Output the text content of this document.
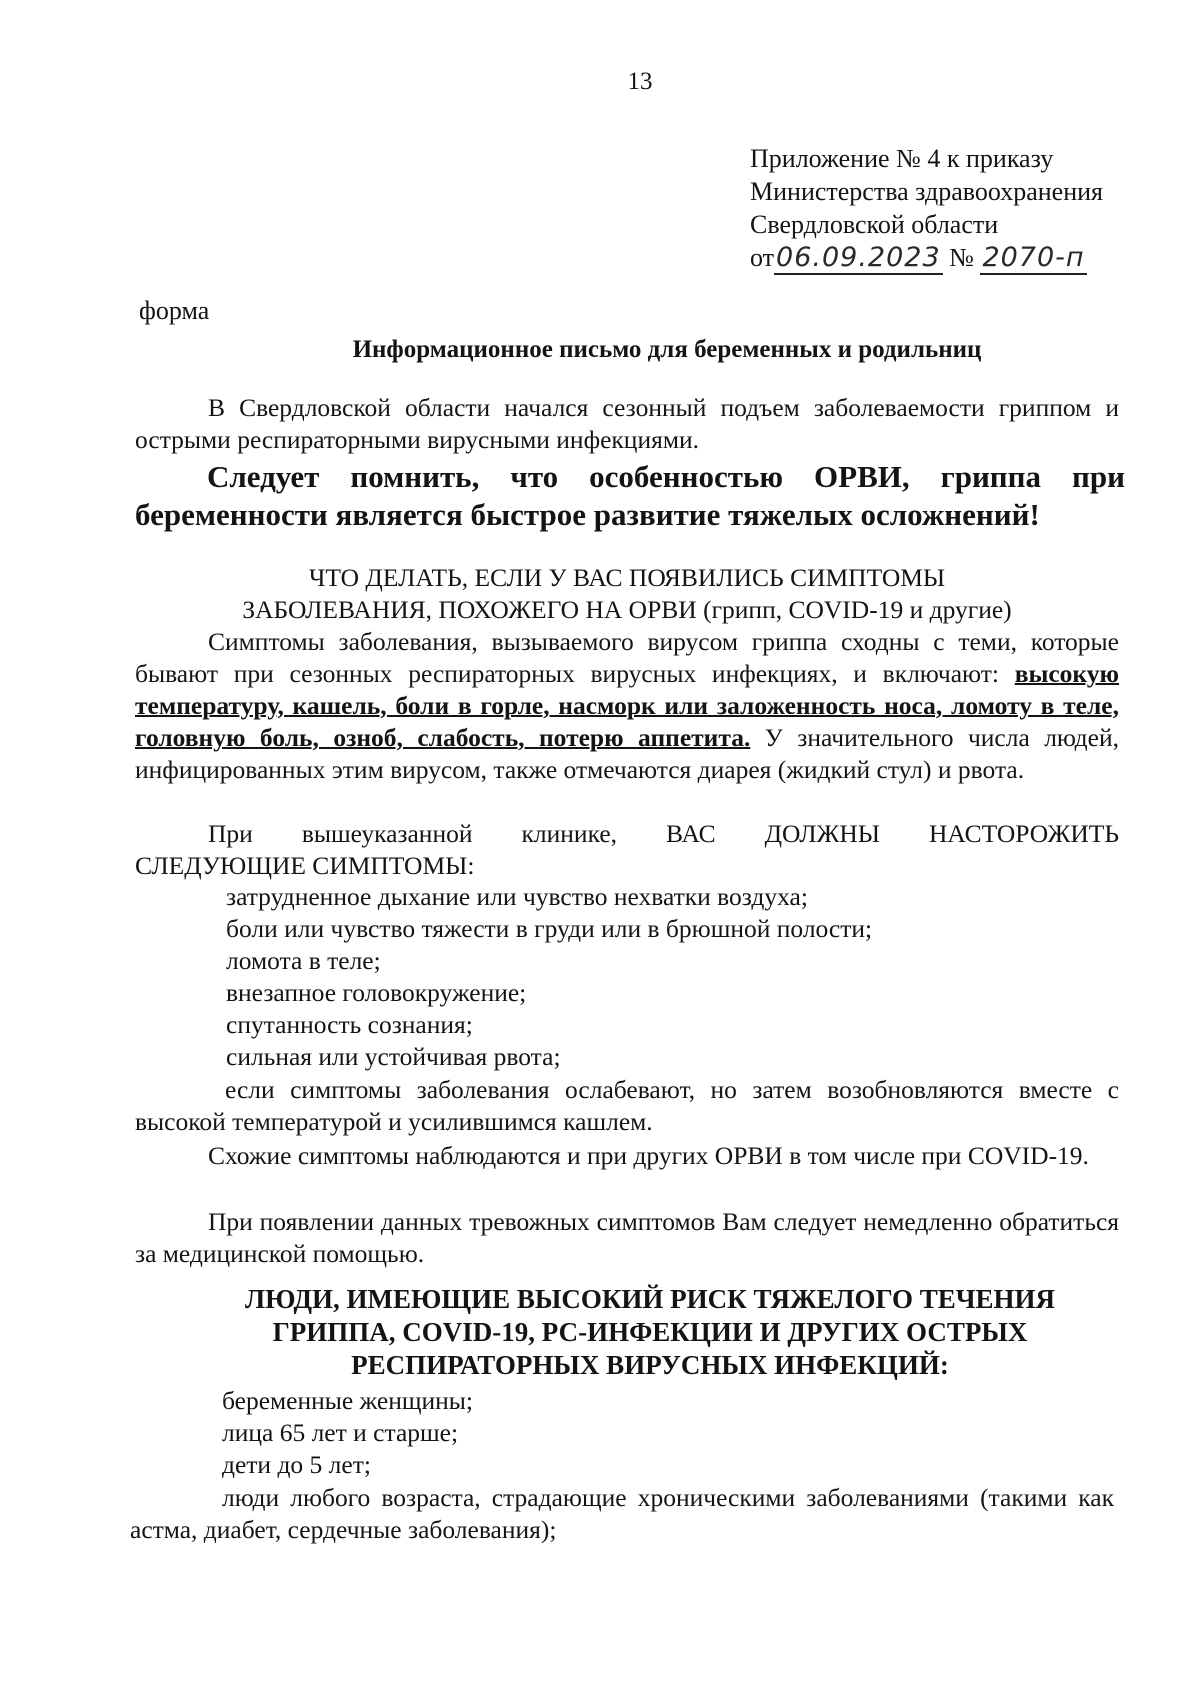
13
Приложение № 4 к приказу
Министерства здравоохранения
Свердловской области
от06.09.2023 № 2070-п
форма
Информационное письмо для беременных и родильниц
В Свердловской области начался сезонный подъем заболеваемости гриппом и острыми респираторными вирусными инфекциями.
Следует помнить, что особенностью ОРВИ, гриппа при
беременности является быстрое развитие тяжелых осложнений!
ЧТО ДЕЛАТЬ, ЕСЛИ У ВАС ПОЯВИЛИСЬ СИМПТОМЫ
ЗАБОЛЕВАНИЯ, ПОХОЖЕГО НА ОРВИ (грипп, COVID-19 и другие)
Симптомы заболевания, вызываемого вирусом гриппа сходны с теми, которые бывают при сезонных респираторных вирусных инфекциях, и включают: высокую температуру, кашель, боли в горле, насморк или заложенность носа, ломоту в теле, головную боль, озноб, слабость, потерю аппетита. У значительного числа людей, инфицированных этим вирусом, также отмечаются диарея (жидкий стул) и рвота.
При вышеуказанной клинике, ВАС ДОЛЖНЫ НАСТОРОЖИТЬ
СЛЕДУЮЩИЕ СИМПТОМЫ:
затрудненное дыхание или чувство нехватки воздуха;
боли или чувство тяжести в груди или в брюшной полости;
ломота в теле;
внезапное головокружение;
спутанность сознания;
сильная или устойчивая рвота;
если симптомы заболевания ослабевают, но затем возобновляются вместе с высокой температурой и усилившимся кашлем.
Схожие симптомы наблюдаются и при других ОРВИ в том числе при COVID-19.
При появлении данных тревожных симптомов Вам следует немедленно обратиться за медицинской помощью.
ЛЮДИ, ИМЕЮЩИЕ ВЫСОКИЙ РИСК ТЯЖЕЛОГО ТЕЧЕНИЯ
ГРИППА, COVID-19, РС-ИНФЕКЦИИ И ДРУГИХ ОСТРЫХ
РЕСПИРАТОРНЫХ ВИРУСНЫХ ИНФЕКЦИЙ:
беременные женщины;
лица 65 лет и старше;
дети до 5 лет;
люди любого возраста, страдающие хроническими заболеваниями (такими как астма, диабет, сердечные заболевания);
